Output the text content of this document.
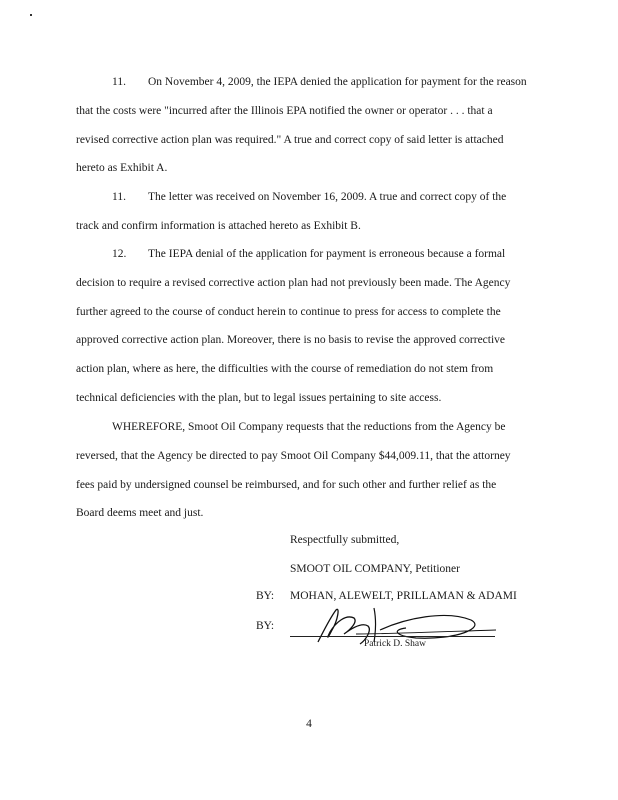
11. On November 4, 2009, the IEPA denied the application for payment for the reason
that the costs were "incurred after the Illinois EPA notified the owner or operator . . . that a
revised corrective action plan was required." A true and correct copy of said letter is attached
hereto as Exhibit A.
11. The letter was received on November 16, 2009. A true and correct copy of the
track and confirm information is attached hereto as Exhibit B.
12. The IEPA denial of the application for payment is erroneous because a formal
decision to require a revised corrective action plan had not previously been made. The Agency
further agreed to the course of conduct herein to continue to press for access to complete the
approved corrective action plan. Moreover, there is no basis to revise the approved corrective
action plan, where as here, the difficulties with the course of remediation do not stem from
technical deficiencies with the plan, but to legal issues pertaining to site access.
WHEREFORE, Smoot Oil Company requests that the reductions from the Agency be
reversed, that the Agency be directed to pay Smoot Oil Company $44,009.11, that the attorney
fees paid by undersigned counsel be reimbursed, and for such other and further relief as the
Board deems meet and just.

Respectfully submitted,

SMOOT OIL COMPANY, Petitioner

BY: MOHAN, ALEWELT, PRILLAMAN & ADAMI
BY:
Patrick D. Shaw
4
